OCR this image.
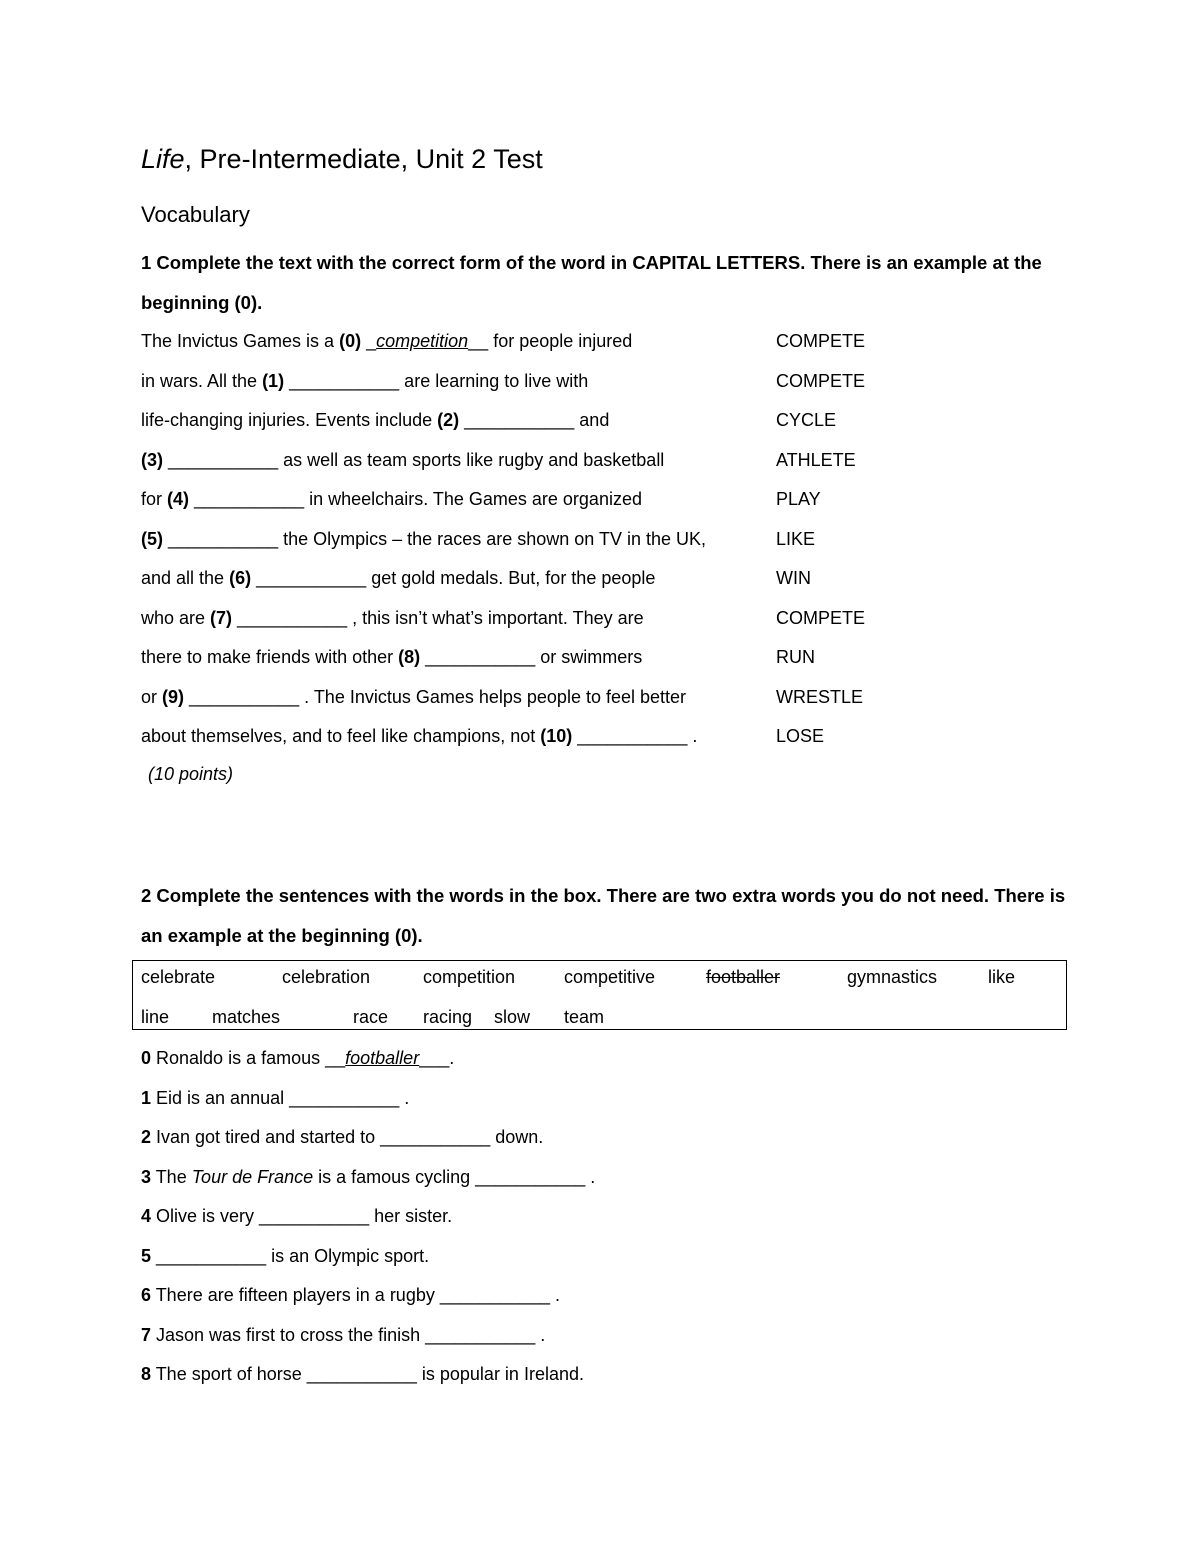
Life, Pre-Intermediate, Unit 2 Test
Vocabulary
1 Complete the text with the correct form of the word in CAPITAL LETTERS. There is an example at the beginning (0).
The Invictus Games is a (0) _competition__ for people injured	COMPETE
in wars. All the (1) ___________ are learning to live with	COMPETE
life-changing injuries. Events include (2) ___________ and	CYCLE
(3) ___________ as well as team sports like rugby and basketball	ATHLETE
for (4) ___________ in wheelchairs. The Games are organized	PLAY
(5) ___________ the Olympics – the races are shown on TV in the UK,	LIKE
and all the (6) ___________ get gold medals. But, for the people	WIN
who are (7) ___________ , this isn’t what’s important. They are	COMPETE
there to make friends with other (8) ___________ or swimmers	RUN
or (9) ___________ . The Invictus Games helps people to feel better	WRESTLE
about themselves, and to feel like champions, not (10) ___________ .	LOSE
(10 points)
2 Complete the sentences with the words in the box. There are two extra words you do not need. There is an example at the beginning (0).
celebrate	celebration	competition	competitive	footballer	gymnastics	like
line matches	race racing slow team
0 Ronaldo is a famous __footballer___.
1 Eid is an annual ___________ .
2 Ivan got tired and started to ___________ down.
3 The Tour de France is a famous cycling ___________ .
4 Olive is very ___________ her sister.
5 ___________ is an Olympic sport.
6 There are fifteen players in a rugby ___________ .
7 Jason was first to cross the finish ___________ .
8 The sport of horse ___________ is popular in Ireland.
